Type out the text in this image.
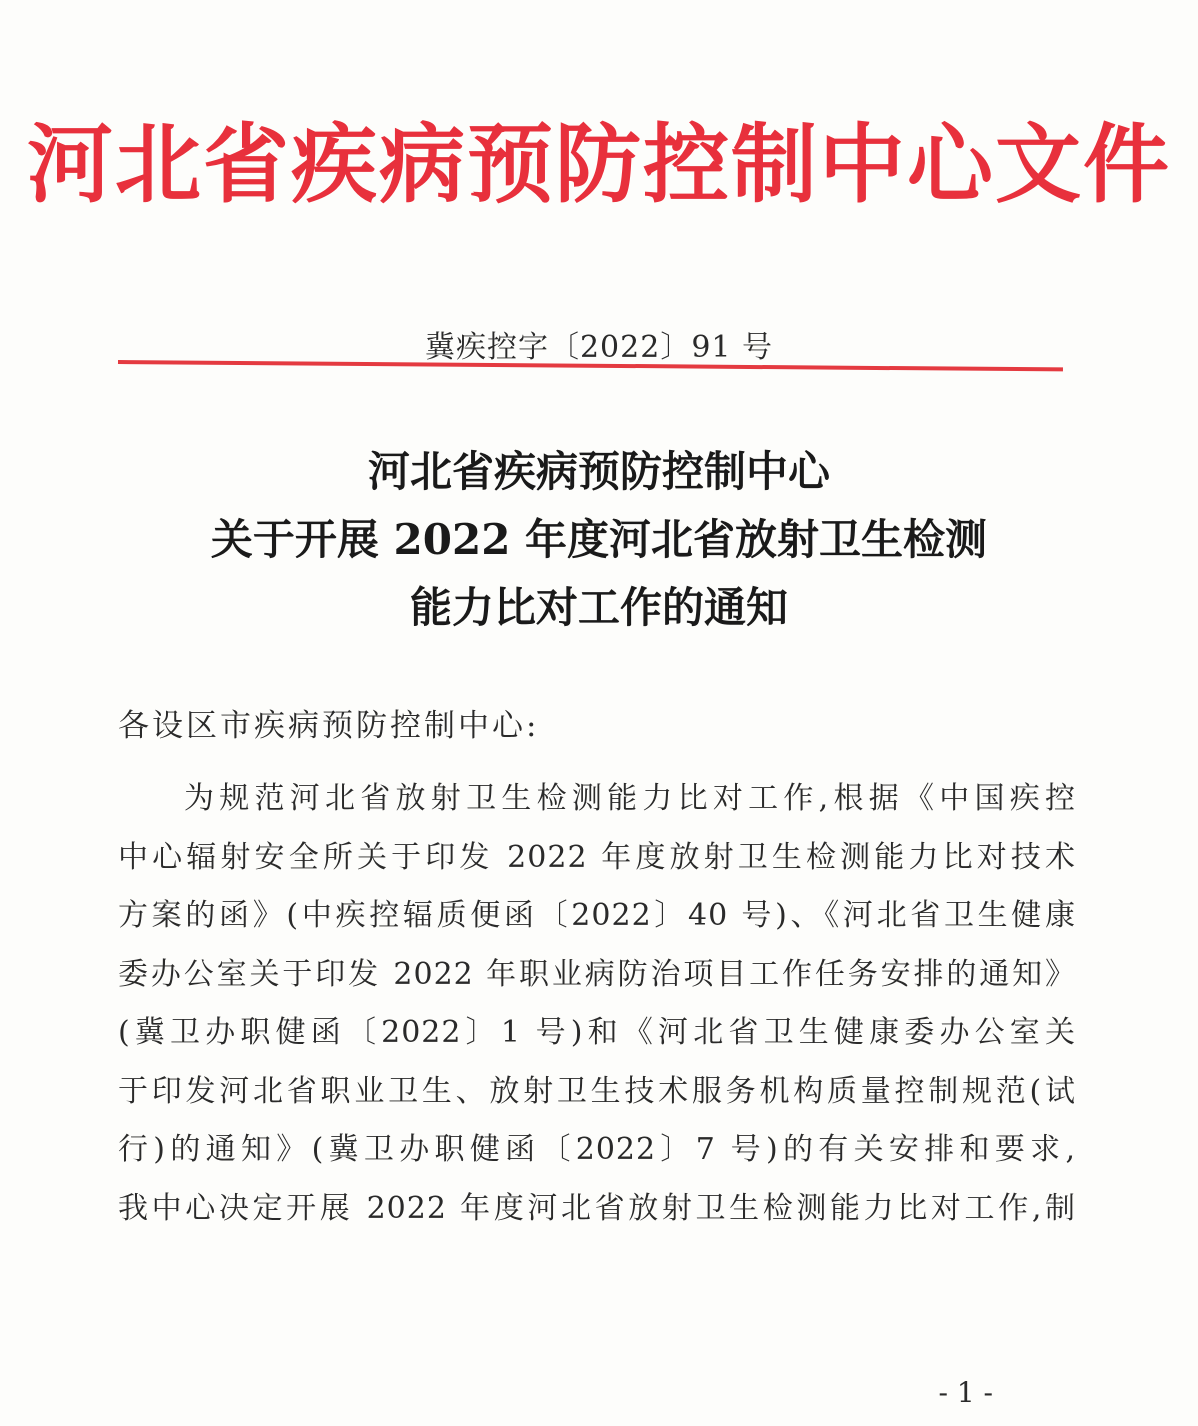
河北省疾病预防控制中心文件
冀疾控字〔2022〕91 号
河北省疾病预防控制中心
关于开展 2022 年度河北省放射卫生检测
能力比对工作的通知
各设区市疾病预防控制中心:
为规范河北省放射卫生检测能力比对工作,根据《中国疾控
中心辐射安全所关于印发 2022 年度放射卫生检测能力比对技术
方案的函》(中疾控辐质便函〔2022〕40 号)、《河北省卫生健康
委办公室关于印发 2022 年职业病防治项目工作任务安排的通知》
(冀卫办职健函〔2022〕1 号)和《河北省卫生健康委办公室关
于印发河北省职业卫生、放射卫生技术服务机构质量控制规范(试
行)的通知》(冀卫办职健函〔2022〕7 号)的有关安排和要求,
我中心决定开展 2022 年度河北省放射卫生检测能力比对工作,制
- 1 -
